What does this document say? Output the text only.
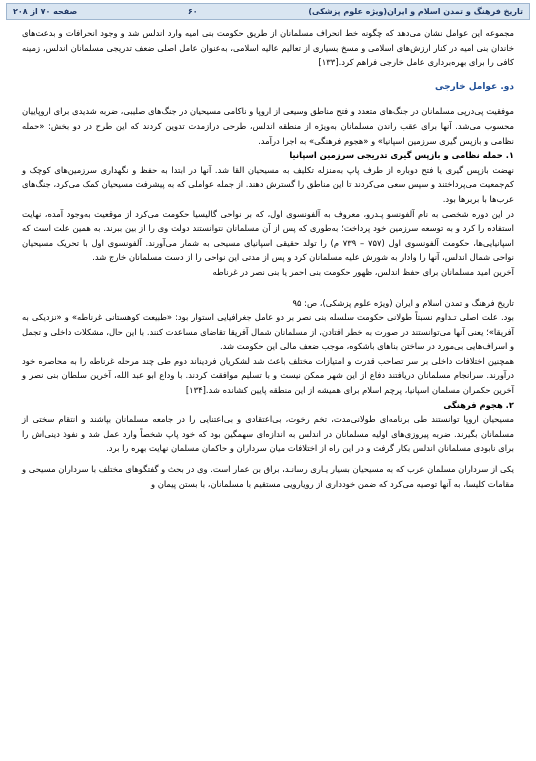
صفحه ۷۰ از ۲۰۸	۶۰	تاریخ فرهنگ و تمدن اسلام و ایران(ویژه علوم پزشکی)

مجموعه این عوامل نشان می‌دهد که چگونه خط انحراف مسلمانان از طریق حکومت بنی امیه وارد اندلس شد و وجود انحرافات و بدعت‌های خاندان بنی امیه در کنار ارزش‌های اسلامی و مسخ بسیاری از تعالیم عالیه اسلامی، به‌عنوان عامل اصلی ضعف تدریجی مسلمانان اندلس، زمینه کافی را برای بهره‌برداری عامل خارجی فراهم کرد.[۱۳۳]

دو. عوامل خارجی

موفقیت پی‌درپی مسلمانان در جنگ‌های متعدد و فتح مناطق وسیعی از اروپا و ناکامی مسیحیان در جنگ‌های صلیبی، ضربه شدیدی برای اروپاییان محسوب می‌شد. آنها برای عقب راندن مسلمانان به‌ویژه از منطقه اندلس، طرحی درازمدت تدوین کردند که این طرح در دو بخش: «حمله نظامی و بازپس گیری سرزمین اسپانیا» و «هجوم فرهنگی» به اجرا درآمد.

۱. حمله نظامی و بازپس گیری تدریجی سرزمین اسپانیا

نهضت بازپس گیری یا فتح دوباره از طرف پاپ به‌منزله تکلیف به مسیحیان القا شد. آنها در ابتدا به حفظ و نگهداری سرزمین‌های کوچک و کم‌جمعیت می‌پرداختند و سپس سعی می‌کردند تا این مناطق را گسترش دهند. از جمله عواملی که به پیشرفت مسیحیان کمک می‌کرد، جنگ‌های عرب‌ها با بربرها بود.

در این دوره شخصی به نام آلفونسو پـدرو، معروف به آلفونسوی اول، که بر نواحی گالیسیا حکومت می‌کرد از موقعیت به‌وجود آمده، نهایت استفاده را کرد و به توسعه سرزمین خود پرداخت؛ به‌طوری که پس از آن مسلمانان نتوانستند دولت وی را از بین ببرند. به همین علت است که اسپانیایی‌ها، حکومت آلفونسوی اول (۷۵۷ – ۷۳۹ م) را تولد حقیقی اسپانیای مسیحی به شمار می‌آورند. آلفونسوی اول با تحریک مسیحیان نواحی شمال اندلس، آنها را وادار به شورش علیه مسلمانان کرد و پس از مدتی این نواحی را از دست مسلمانان خارج شد.

آخرین امید مسلمانان برای حفظ اندلس، ظهور حکومت بنی احمر یا بنی نصر در غرناطه

تاریخ فرهنگ و تمدن اسلام و ایران (ویژه علوم پزشکی)، ص: ۹۵

بود. علت اصلی تـداوم نسبتاً طولانی حکومت سلسله بنی نصر بر دو عامل جغرافیایی استوار بود: «طبیعت کوهستانی غرناطه» و «نزدیکی به آفریقا»؛ یعنی آنها می‌توانستند در صورت به خطر افتادن، از مسلمانان شمال آفریقا تقاضای مساعدت کنند. با این حال، مشکلات داخلی و تجمل و اسراف‌هایی بی‌مورد در ساختن بناهای باشکوه، موجب ضعف مالی این حکومت شد.

همچنین اختلافات داخلی بر سر تصاحب قدرت و امتیازات مختلف باعث شد لشکریان فردیناند دوم طی چند مرحله غرناطه را به محاصره خود درآورند. سرانجام مسلمانان دریافتند دفاع از این شهر ممکن نیست و با تسلیم موافقت کردند. با وداع ابو عبد الله، آخرین سلطان بنی نصر و آخرین حکمران مسلمان اسپانیا، پرچم اسلام برای همیشه از این منطقه پایین کشانده شد.[۱۳۴]

۲. هجوم فرهنگی

مسیحیان اروپا توانستند طی برنامه‌ای طولانی‌مدت، تخم رخوت، بی‌اعتقادی و بی‌اعتنایی را در جامعه مسلمانان بپاشند و انتقام سختی از مسلمانان بگیرند. ضربه پیروزی‌های اولیه مسلمانان در اندلس به اندازه‌ای سهمگین بود که خود پاپ شخصاً وارد عمل شد و نفوذ دینی‌اش را برای نابودی مسلمانان اندلس بکار گرفت و در این راه از اختلافات میان سرداران و حاکمان مسلمان نهایت بهره را برد.

یکی از سرداران مسلمان عرب که به مسیحیان بسیار یـاری رسانـد، براق بن عمار است. وی در بحث و گفتگوهای مختلف با سرداران مسیحی و مقامات کلیسا، به آنها توصیه می‌کرد که ضمن خودداری از رویارویی مستقیم با مسلمانان، با بستن پیمان و
